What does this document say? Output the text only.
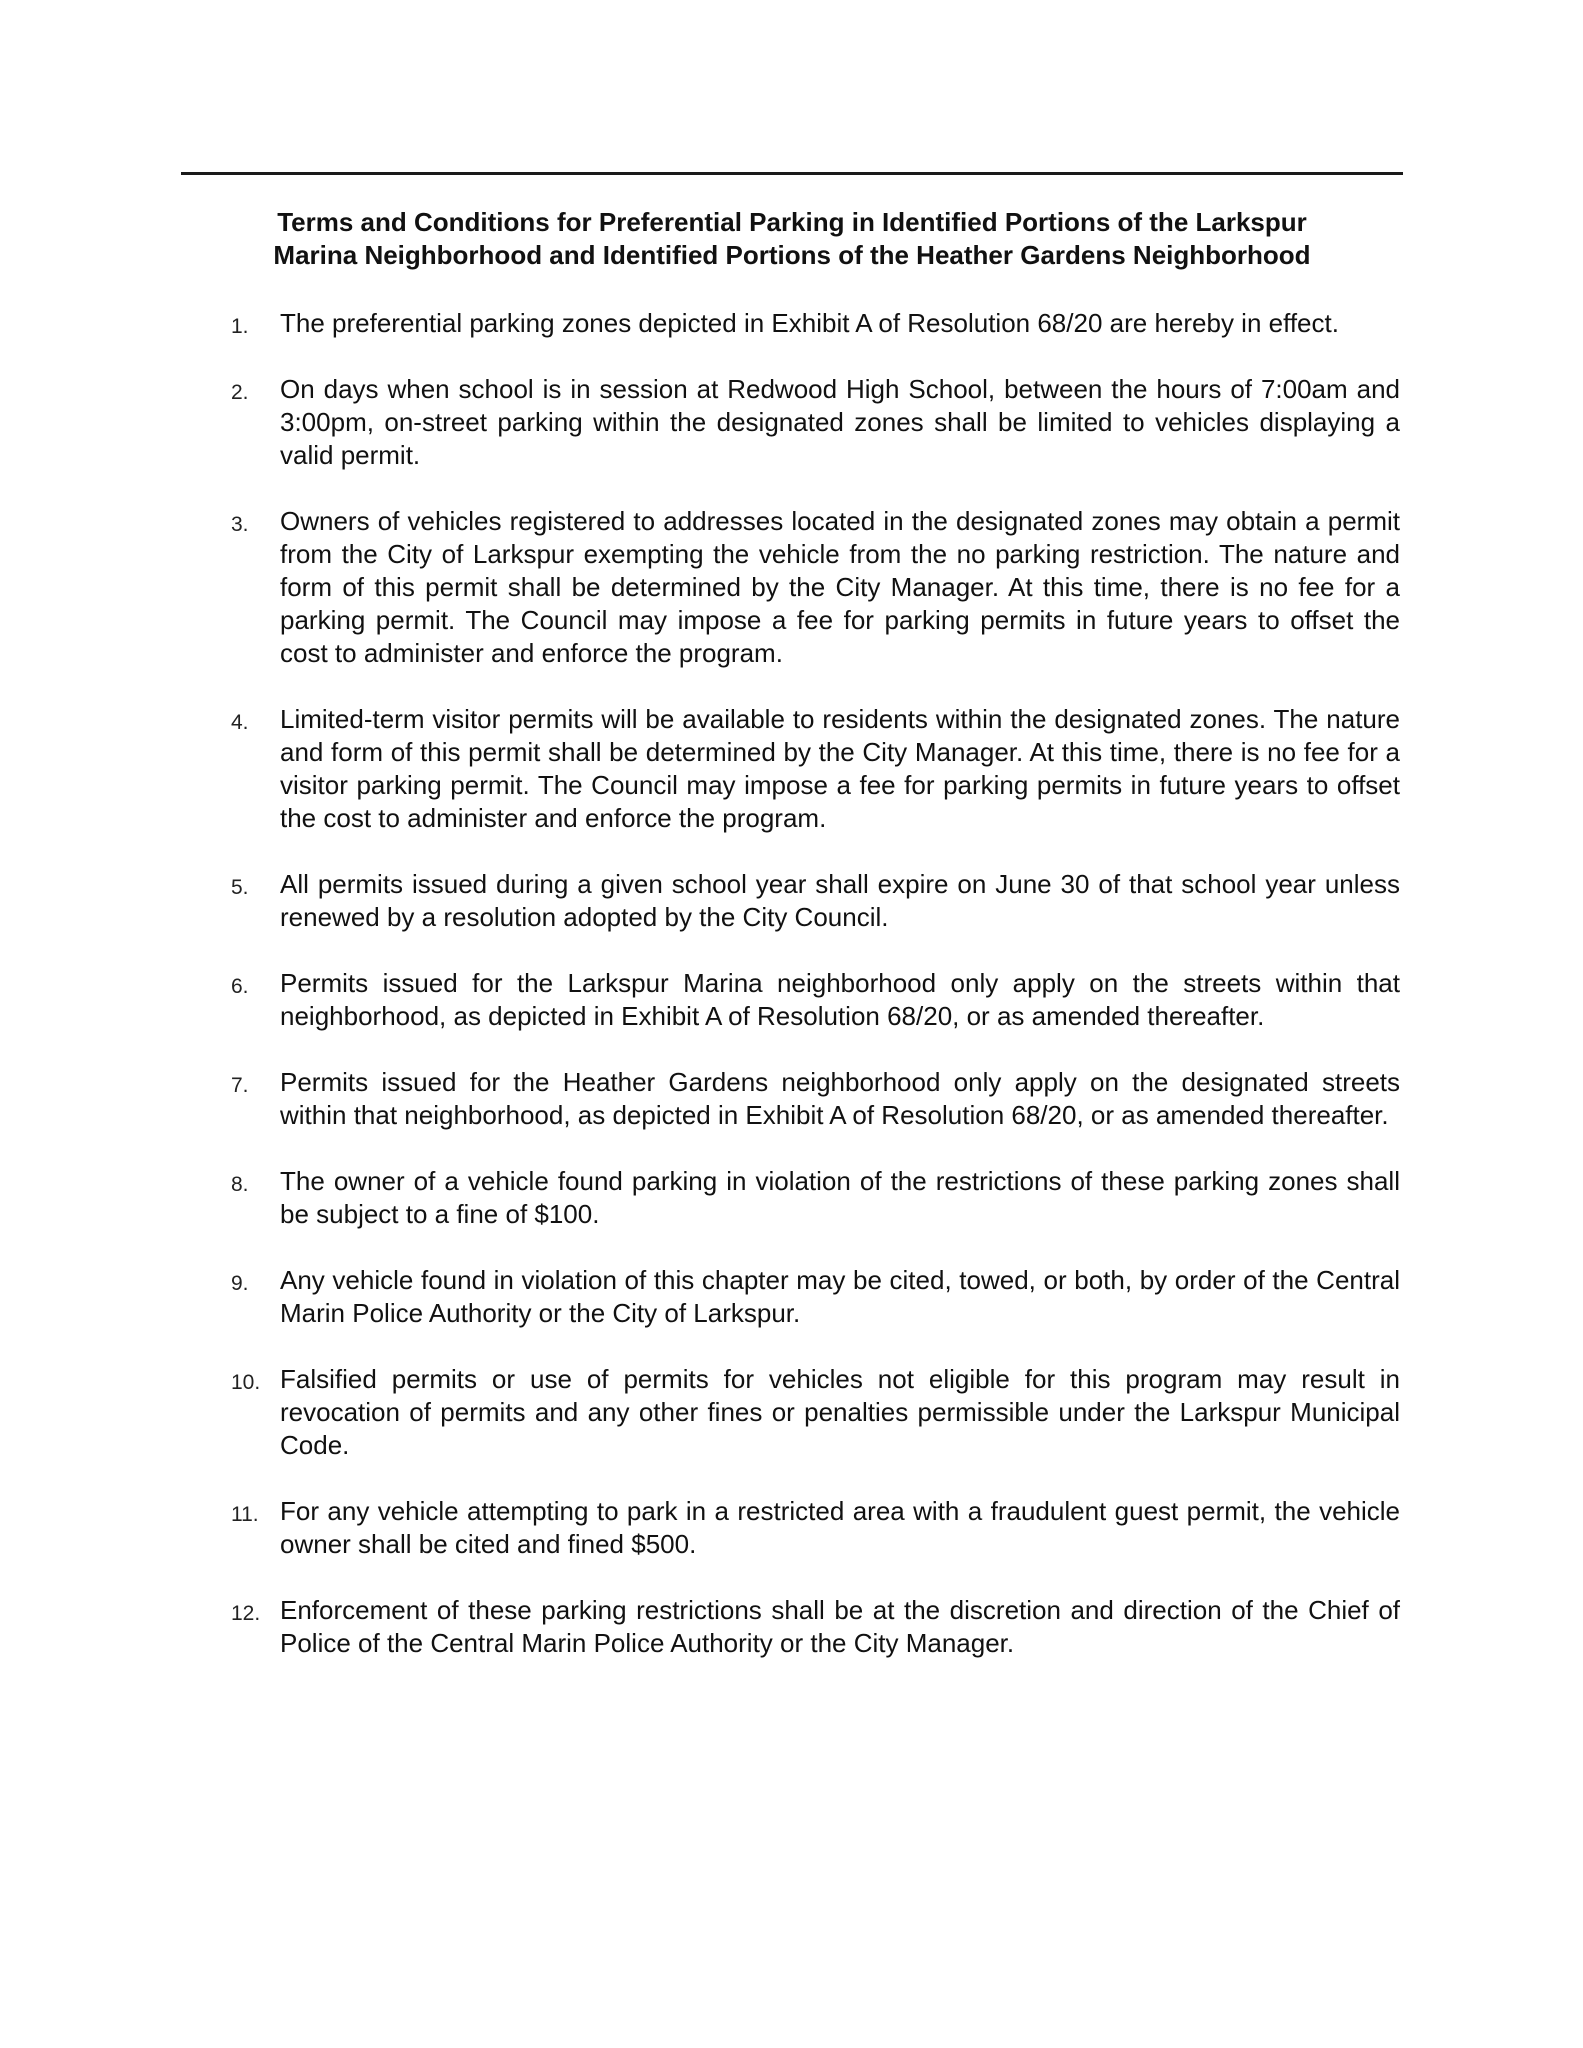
Terms and Conditions for Preferential Parking in Identified Portions of the Larkspur
Marina Neighborhood and Identified Portions of the Heather Gardens Neighborhood
1. The preferential parking zones depicted in Exhibit A of Resolution 68/20 are hereby in effect.
2. On days when school is in session at Redwood High School, between the hours of 7:00am and 3:00pm, on-street parking within the designated zones shall be limited to vehicles displaying a valid permit.
3. Owners of vehicles registered to addresses located in the designated zones may obtain a permit from the City of Larkspur exempting the vehicle from the no parking restriction. The nature and form of this permit shall be determined by the City Manager. At this time, there is no fee for a parking permit. The Council may impose a fee for parking permits in future years to offset the cost to administer and enforce the program.
4. Limited-term visitor permits will be available to residents within the designated zones. The nature and form of this permit shall be determined by the City Manager. At this time, there is no fee for a visitor parking permit. The Council may impose a fee for parking permits in future years to offset the cost to administer and enforce the program.
5. All permits issued during a given school year shall expire on June 30 of that school year unless renewed by a resolution adopted by the City Council.
6. Permits issued for the Larkspur Marina neighborhood only apply on the streets within that neighborhood, as depicted in Exhibit A of Resolution 68/20, or as amended thereafter.
7. Permits issued for the Heather Gardens neighborhood only apply on the designated streets within that neighborhood, as depicted in Exhibit A of Resolution 68/20, or as amended thereafter.
8. The owner of a vehicle found parking in violation of the restrictions of these parking zones shall be subject to a fine of $100.
9. Any vehicle found in violation of this chapter may be cited, towed, or both, by order of the Central Marin Police Authority or the City of Larkspur.
10. Falsified permits or use of permits for vehicles not eligible for this program may result in revocation of permits and any other fines or penalties permissible under the Larkspur Municipal Code.
11. For any vehicle attempting to park in a restricted area with a fraudulent guest permit, the vehicle owner shall be cited and fined $500.
12. Enforcement of these parking restrictions shall be at the discretion and direction of the Chief of Police of the Central Marin Police Authority or the City Manager.
